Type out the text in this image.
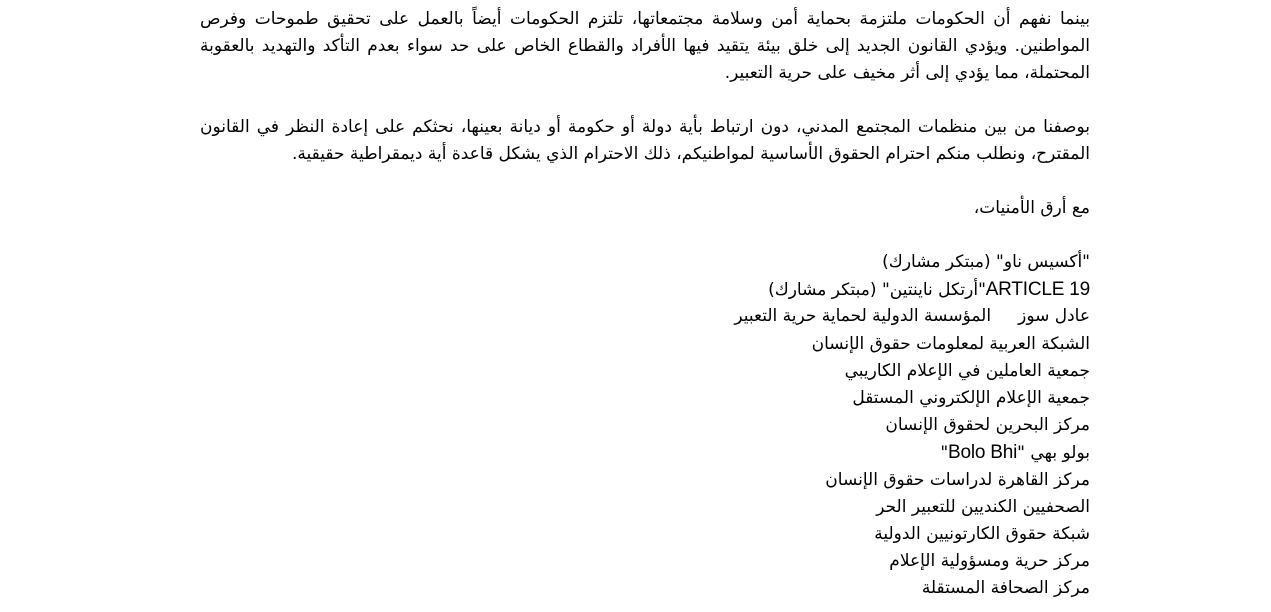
بينما نفهم أن الحكومات ملتزمة بحماية أمن وسلامة مجتمعاتها، تلتزم الحكومات أيضاً بالعمل على تحقيق طموحات وفرص المواطنين. ويؤدي القانون الجديد إلى خلق بيئة يتقيد فيها الأفراد والقطاع الخاص على حد سواء بعدم التأكد والتهديد بالعقوبة المحتملة، مما يؤدي إلى أثر مخيف على حرية التعبير.

بوصفنا من بين منظمات المجتمع المدني، دون ارتباط بأية دولة أو حكومة أو ديانة بعينها، نحثكم على إعادة النظر في القانون المقترح، ونطلب منكم احترام الحقوق الأساسية لمواطنيكم، ذلك الاحترام الذي يشكل قاعدة أية ديمقراطية حقيقية.

مع أرق الأمنيات،

"أكسيس ناو" (مبتكر مشارك)
ARTICLE 19"أرتكل ناينتين" (مبتكر مشارك)
عادل سوز     المؤسسة الدولية لحماية حرية التعبير
الشبكة العربية لمعلومات حقوق الإنسان
جمعية العاملين في الإعلام الكاريبي
جمعية الإعلام الإلكتروني المستقل
مركز البحرين لحقوق الإنسان
بولو بهي "Bolo Bhi"
مركز القاهرة لدراسات حقوق الإنسان
الصحفيين الكنديين للتعبير الحر
شبكة حقوق الكارتونيين الدولية
مركز حرية ومسؤولية الإعلام
مركز الصحافة المستقلة
